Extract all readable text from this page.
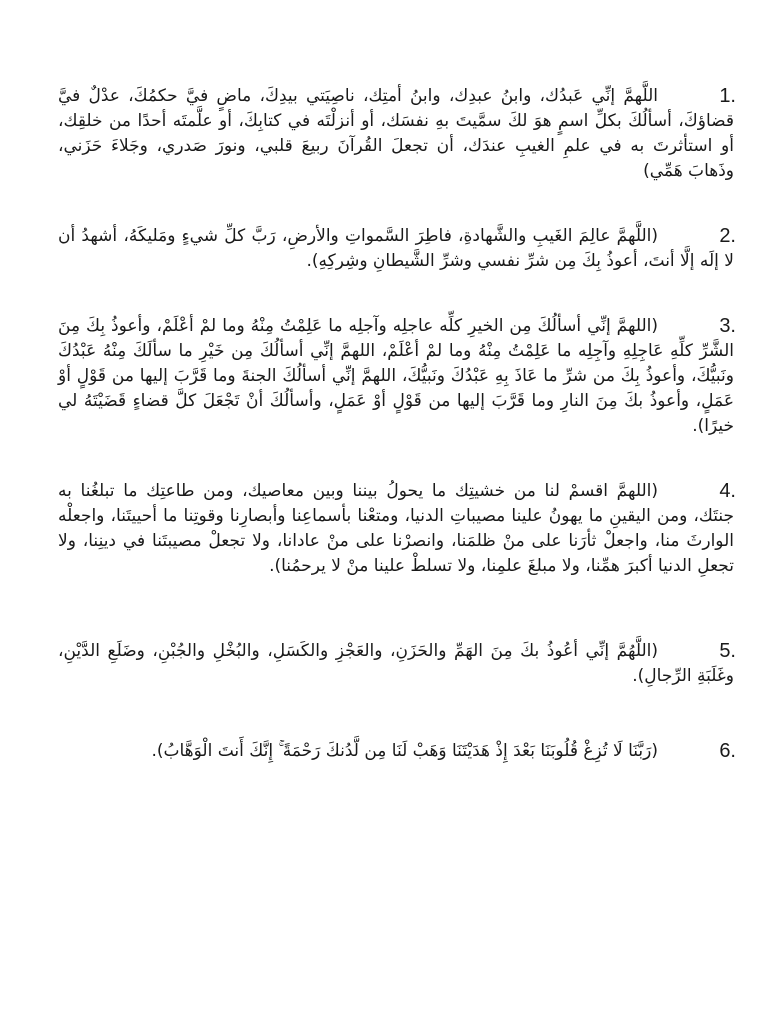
1.
اللَّهمَّ إنِّي عَبدُك، وابنُ عبدِك، وابنُ أمتِك، ناصِيَتي بيدِكَ، ماضٍ فيَّ حكمُكَ، عدْلٌ فيَّ قضاؤكَ، أسألُكَ بكلِّ اسمٍ هوَ لكَ سمَّيتَ بهِ نفسَك، أو أنزلْتَه في كتابِكَ، أو علَّمتَه أحدًا من خلقِك، أو استأثرتَ به في علمِ الغيبِ عندَك، أن تجعلَ القُرآنَ ربيعَ قلبي، ونورَ صَدري، وجَلاءَ حَزَني، وذَهابَ هَمِّي)
2.
(اللَّهمَّ عالِمَ الغَيبِ والشَّهادةِ، فاطِرَ السَّمواتِ والأرضِ، رَبَّ كلِّ شيءٍ ومَليكَهُ، أشهدُ أن لا إلَه إلَّا أنتَ، أعوذُ بِكَ مِن شرِّ نفسي وشرِّ الشَّيطانِ وشِركِهِ).
3.
(اللهمَّ إنِّي أسألُكَ مِن الخيرِ كلِّه عاجلِه وآجلِه ما عَلِمْتُ مِنْهُ وما لمْ أعْلَمْ، وأعوذُ بِكَ مِنَ الشَّرِّ كلِّهِ عَاجِلِهِ وآجِلِه ما عَلِمْتُ مِنْهُ وما لمْ أعْلَمْ، اللهمَّ إنِّي أسألُكَ مِن خَيْرِ ما سألَكَ مِنْهُ عَبْدُكَ ونَبيُّكَ، وأعوذُ بِكَ من شرِّ ما عَاذَ بِهِ عَبْدُكَ ونَبيُّكَ، اللهمَّ إنِّي أسألُكَ الجنةَ وما قَرَّبَ إليها من قَوْلٍ أوْ عَمَلٍ، وأعوذُ بكَ مِنَ النارِ وما قَرَّبَ إليها من قَوْلٍ أوْ عَمَلٍ، وأسألُكَ أنْ تَجْعَلَ كلَّ قضاءٍ قَضَيْتَهُ لي خيرًا).
4.
(اللهمَّ اقسمْ لنا من خشيتِك ما يحولُ بيننا وبين معاصيك، ومن طاعتِك ما تبلغُنا به جنتَك، ومن اليقينِ ما يهونُ علينا مصيباتِ الدنيا، ومتعْنا بأسماعِنا وأبصارِنا وقوتِنا ما أحييتَنا، واجعلْه الوارثَ منا، واجعلْ ثأرَنا على منْ ظلمَنا، وانصرْنا على منْ عادانا، ولا تجعلْ مصيبتَنا في دينِنا، ولا تجعلِ الدنيا أكبرَ همِّنا، ولا مبلغَ علمِنا، ولا تسلطْ علينا منْ لا يرحمُنا).
5.
(اللَّهُمَّ إنِّي أعُوذُ بكَ مِنَ الهَمِّ والحَزَنِ، والعَجْزِ والكَسَلِ، والبُخْلِ والجُبْنِ، وضَلَعِ الدَّيْنِ، وغَلَبَةِ الرِّجالِ).
6.
(رَبَّنَا لَا تُزِغْ قُلُوبَنَا بَعْدَ إِذْ هَدَيْتَنَا وَهَبْ لَنَا مِن لَّدُنكَ رَحْمَةً ۚ إِنَّكَ أَنتَ الْوَهَّابُ).
